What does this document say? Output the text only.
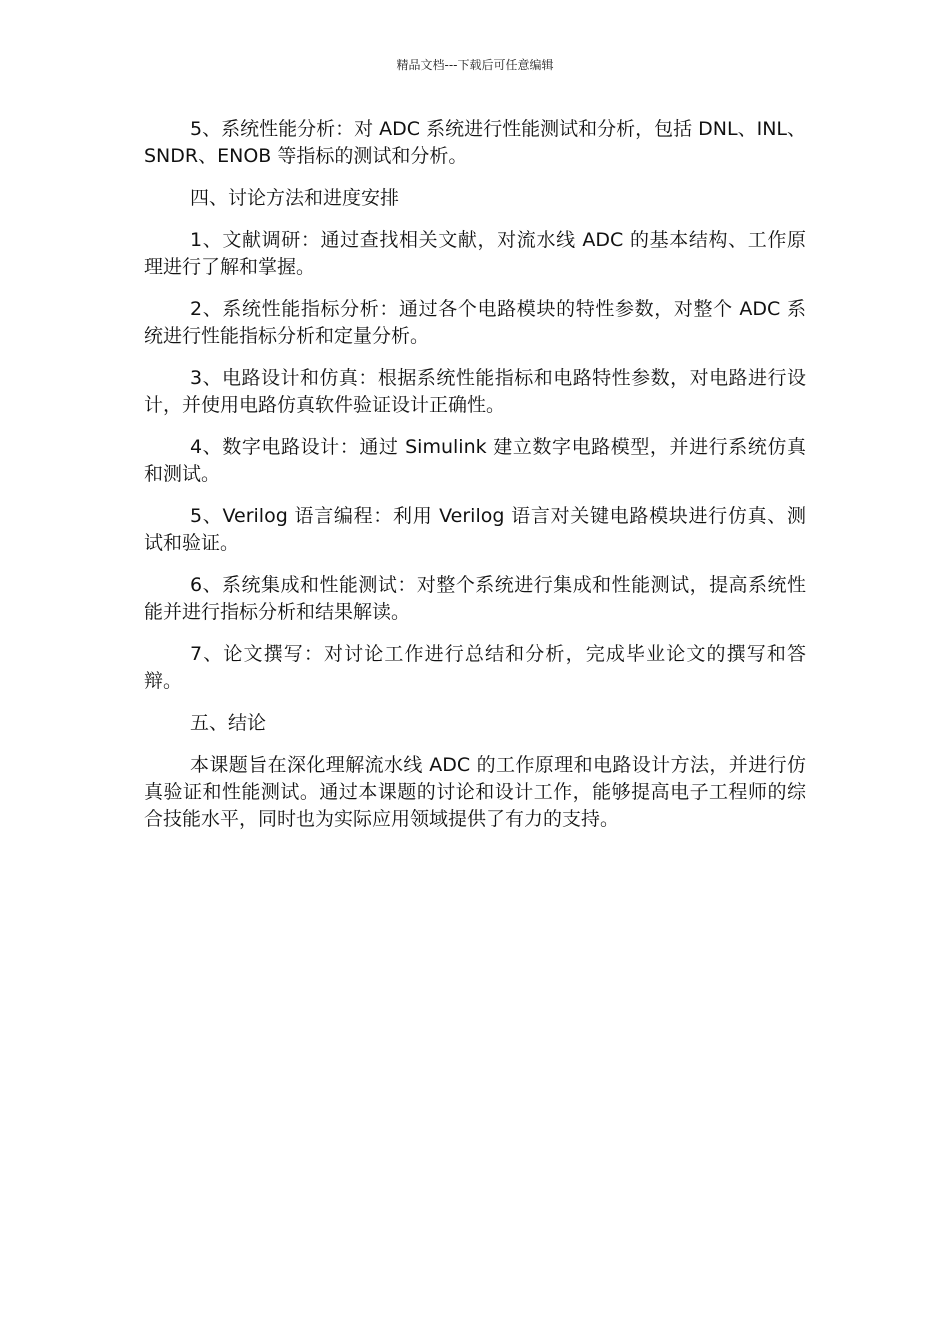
精品文档---下载后可任意编辑

5、系统性能分析：对 ADC 系统进行性能测试和分析，包括 DNL、INL、SNDR、ENOB 等指标的测试和分析。

四、讨论方法和进度安排

1、文献调研：通过查找相关文献，对流水线 ADC 的基本结构、工作原理进行了解和掌握。

2、系统性能指标分析：通过各个电路模块的特性参数，对整个 ADC 系统进行性能指标分析和定量分析。

3、电路设计和仿真：根据系统性能指标和电路特性参数，对电路进行设计，并使用电路仿真软件验证设计正确性。

4、数字电路设计：通过 Simulink 建立数字电路模型，并进行系统仿真和测试。

5、Verilog 语言编程：利用 Verilog 语言对关键电路模块进行仿真、测试和验证。

6、系统集成和性能测试：对整个系统进行集成和性能测试，提高系统性能并进行指标分析和结果解读。

7、论文撰写：对讨论工作进行总结和分析，完成毕业论文的撰写和答辩。

五、结论

本课题旨在深化理解流水线 ADC 的工作原理和电路设计方法，并进行仿真验证和性能测试。通过本课题的讨论和设计工作，能够提高电子工程师的综合技能水平，同时也为实际应用领域提供了有力的支持。
